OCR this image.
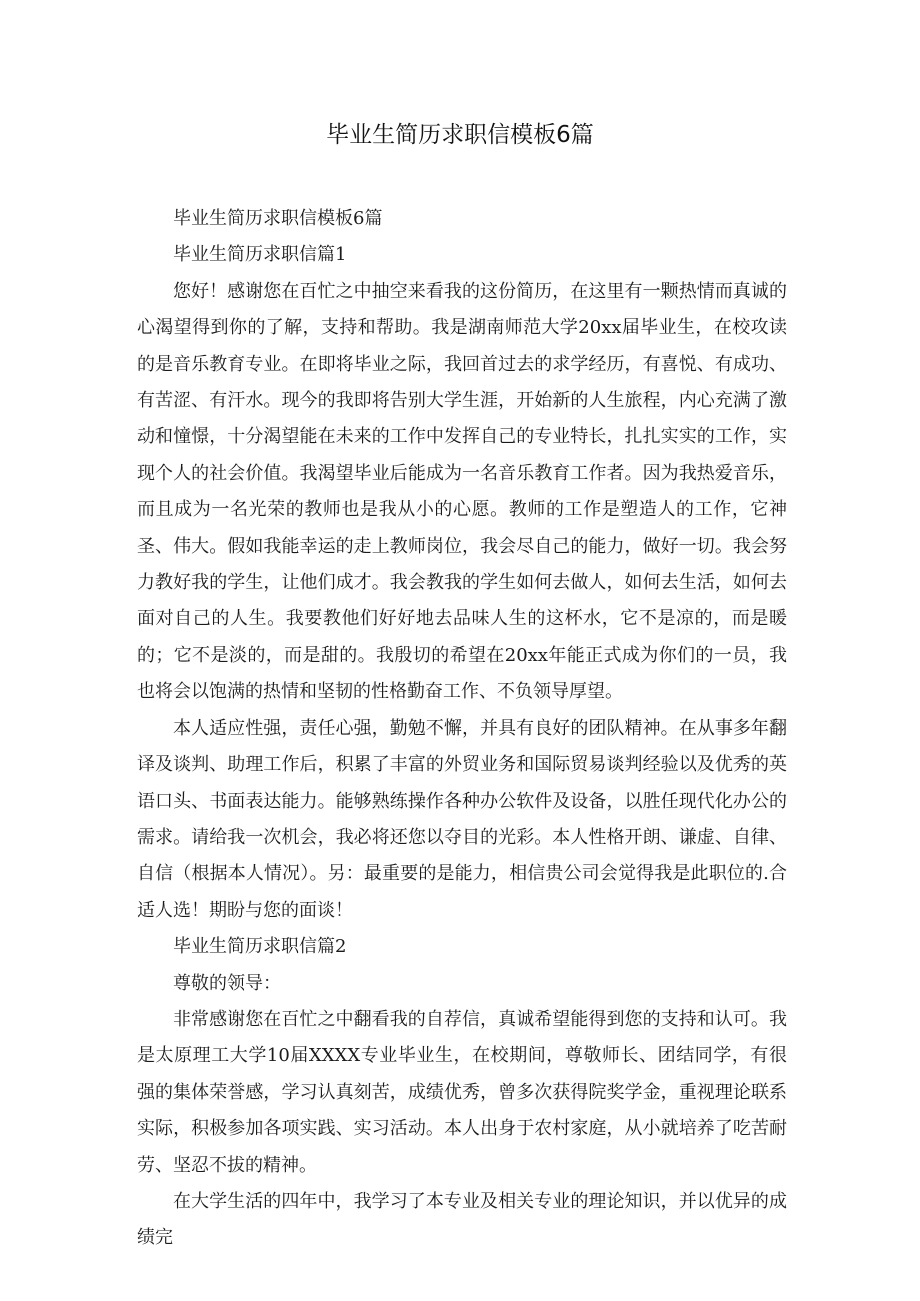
毕业生简历求职信模板6篇

毕业生简历求职信模板6篇

毕业生简历求职信篇1

您好！感谢您在百忙之中抽空来看我的这份简历，在这里有一颗热情而真诚的心渴望得到你的了解，支持和帮助。我是湖南师范大学20xx届毕业生，在校攻读的是音乐教育专业。在即将毕业之际，我回首过去的求学经历，有喜悦、有成功、有苦涩、有汗水。现今的我即将告别大学生涯，开始新的人生旅程，内心充满了激动和憧憬，十分渴望能在未来的工作中发挥自己的专业特长，扎扎实实的工作，实现个人的社会价值。我渴望毕业后能成为一名音乐教育工作者。因为我热爱音乐，而且成为一名光荣的教师也是我从小的心愿。教师的工作是塑造人的工作，它神圣、伟大。假如我能幸运的走上教师岗位，我会尽自己的能力，做好一切。我会努力教好我的学生，让他们成才。我会教我的学生如何去做人，如何去生活，如何去面对自己的人生。我要教他们好好地去品味人生的这杯水，它不是凉的，而是暖的；它不是淡的，而是甜的。我殷切的希望在20xx年能正式成为你们的一员，我也将会以饱满的热情和坚韧的性格勤奋工作、不负领导厚望。

本人适应性强，责任心强，勤勉不懈，并具有良好的团队精神。在从事多年翻译及谈判、助理工作后，积累了丰富的外贸业务和国际贸易谈判经验以及优秀的英语口头、书面表达能力。能够熟练操作各种办公软件及设备，以胜任现代化办公的需求。请给我一次机会，我必将还您以夺目的光彩。本人性格开朗、谦虚、自律、自信（根据本人情况）。另：最重要的是能力，相信贵公司会觉得我是此职位的.合适人选！期盼与您的面谈！

毕业生简历求职信篇2

尊敬的领导：

非常感谢您在百忙之中翻看我的自荐信，真诚希望能得到您的支持和认可。我是太原理工大学10届XXXX专业毕业生，在校期间，尊敬师长、团结同学，有很强的集体荣誉感，学习认真刻苦，成绩优秀，曾多次获得院奖学金，重视理论联系实际，积极参加各项实践、实习活动。本人出身于农村家庭，从小就培养了吃苦耐劳、坚忍不拔的精神。

在大学生活的四年中，我学习了本专业及相关专业的理论知识，并以优异的成绩完
